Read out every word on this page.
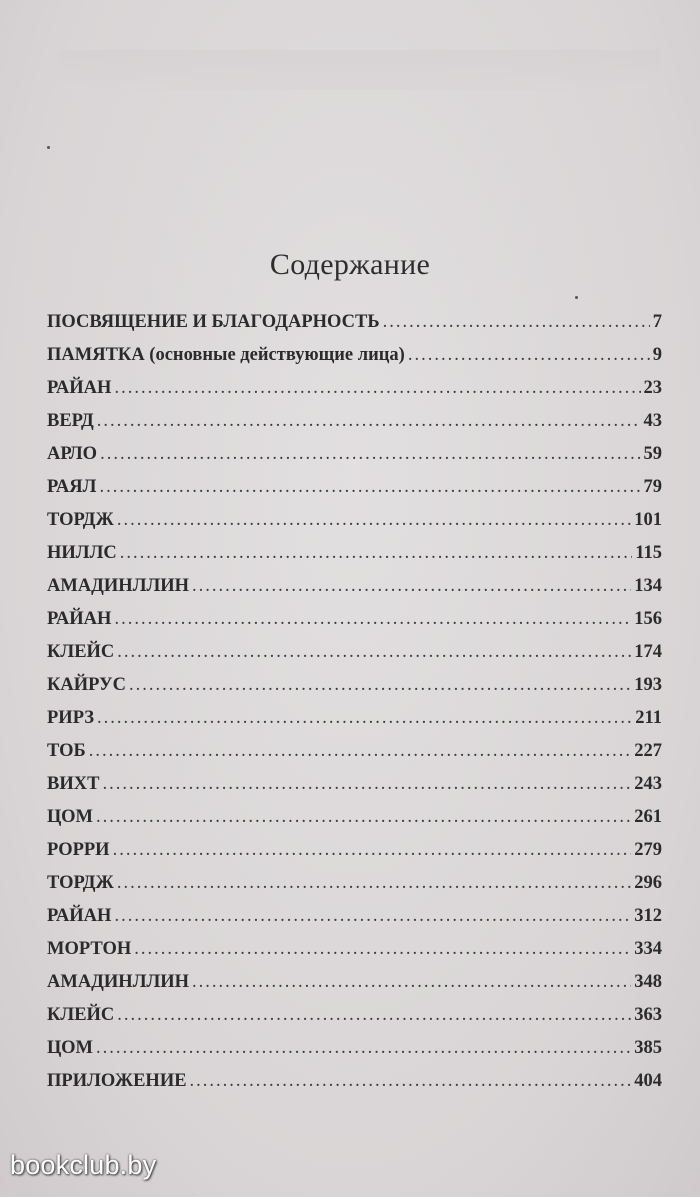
Содержание
ПОСВЯЩЕНИЕ И БЛАГОДАРНОСТЬ .....	7
ПАМЯТКА (основные действующие лица) .....	9
РАЙАН .....	23
ВЕРД .....	43
АРЛО .....	59
РАЯЛ .....	79
ТОРДЖ .....	101
НИЛЛС .....	115
АМАДИНЛЛИН .....	134
РАЙАН .....	156
КЛЕЙС .....	174
КАЙРУС .....	193
РИРЗ .....	211
ТОБ .....	227
ВИХТ .....	243
ЦОМ .....	261
РОРРИ .....	279
ТОРДЖ .....	296
РАЙАН .....	312
МОРТОН .....	334
АМАДИНЛЛИН .....	348
КЛЕЙС .....	363
ЦОМ .....	385
ПРИЛОЖЕНИЕ .....	404
bookclub.by
